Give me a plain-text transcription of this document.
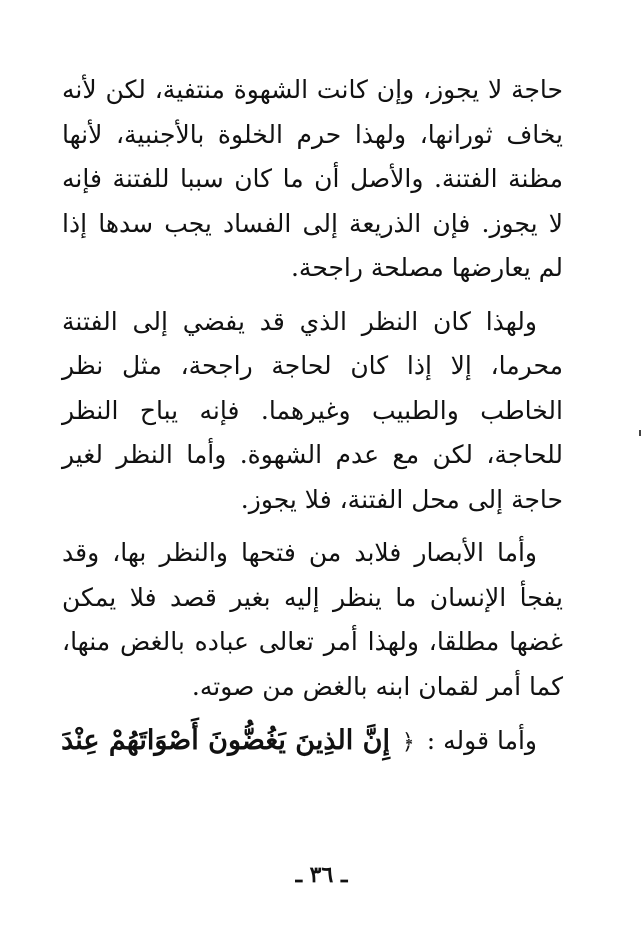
حاجة لا يجوز، وإن كانت الشهوة منتفية، لكن لأنه يخاف ثورانها، ولهذا حرم الخلوة بالأجنبية، لأنها مظنة الفتنة. والأصل أن ما كان سببا للفتنة فإنه لا يجوز. فإن الذريعة إلى الفساد يجب سدها إذا لم يعارضها مصلحة راجحة.

ولهذا كان النظر الذي قد يفضي إلى الفتنة محرما، إلا إذا كان لحاجة راجحة، مثل نظر الخاطب والطبيب وغيرهما. فإنه يباح النظر للحاجة، لكن مع عدم الشهوة. وأما النظر لغير حاجة إلى محل الفتنة، فلا يجوز.

وأما الأبصار فلابد من فتحها والنظر بها، وقد يفجأ الإنسان ما ينظر إليه بغير قصد فلا يمكن غضها مطلقا، ولهذا أمر تعالى عباده بالغض منها، كما أمر لقمان ابنه بالغض من صوته.

وأما قوله : ﴿ إِنَّ الذِينَ يَغُضُّونَ أَصْوَاتَهُمْ عِنْدَ
ـ ٣٦ ـ
